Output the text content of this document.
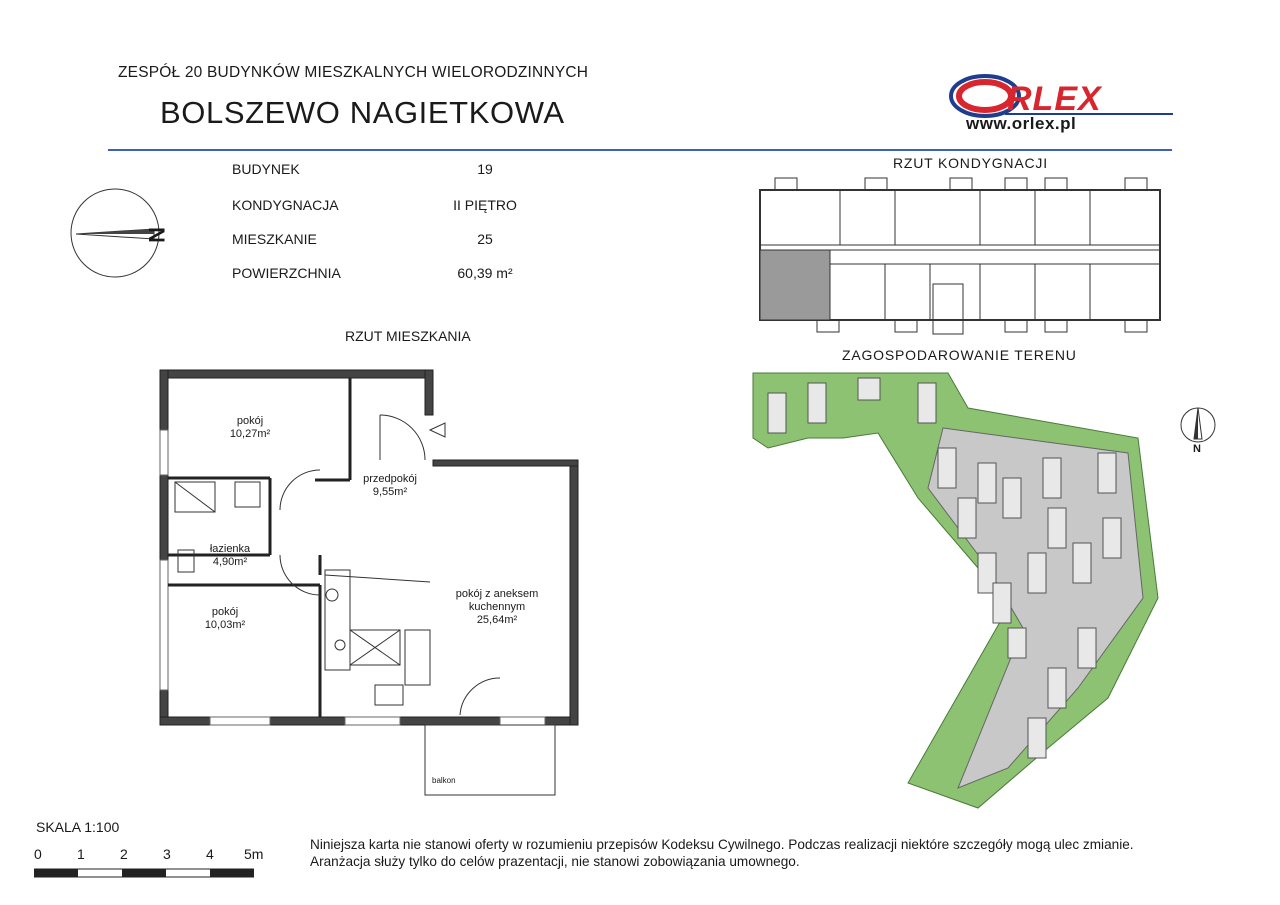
ZESPÓŁ 20 BUDYNKÓW MIESZKALNYCH WIELORODZINNYCH
BOLSZEWO NAGIETKOWA	RLEX
www.orlex.pl
N
BUDYNEK	19
KONDYGNACJA	II PIĘTRO
MIESZKANIE	25
POWIERZCHNIA	60,39 m²
RZUT KONDYGNACJI
RZUT MIESZKANIA
ZAGOSPODAROWANIE TERENU
pokój
10,27m²
przedpokój
9,55m²
łazienka
4,90m²
pokój
10,03m²
pokój z aneksem kuchennym
25,64m²
balkon
N
SKALA 1:100
0	1	2	3	4 5m
Niniejsza karta nie stanowi oferty w rozumieniu przepisów Kodeksu Cywilnego. Podczas realizacji niektóre szczegóły mogą ulec zmianie.
Aranżacja służy tylko do celów prazentacji, nie stanowi zobowiązania umownego.
